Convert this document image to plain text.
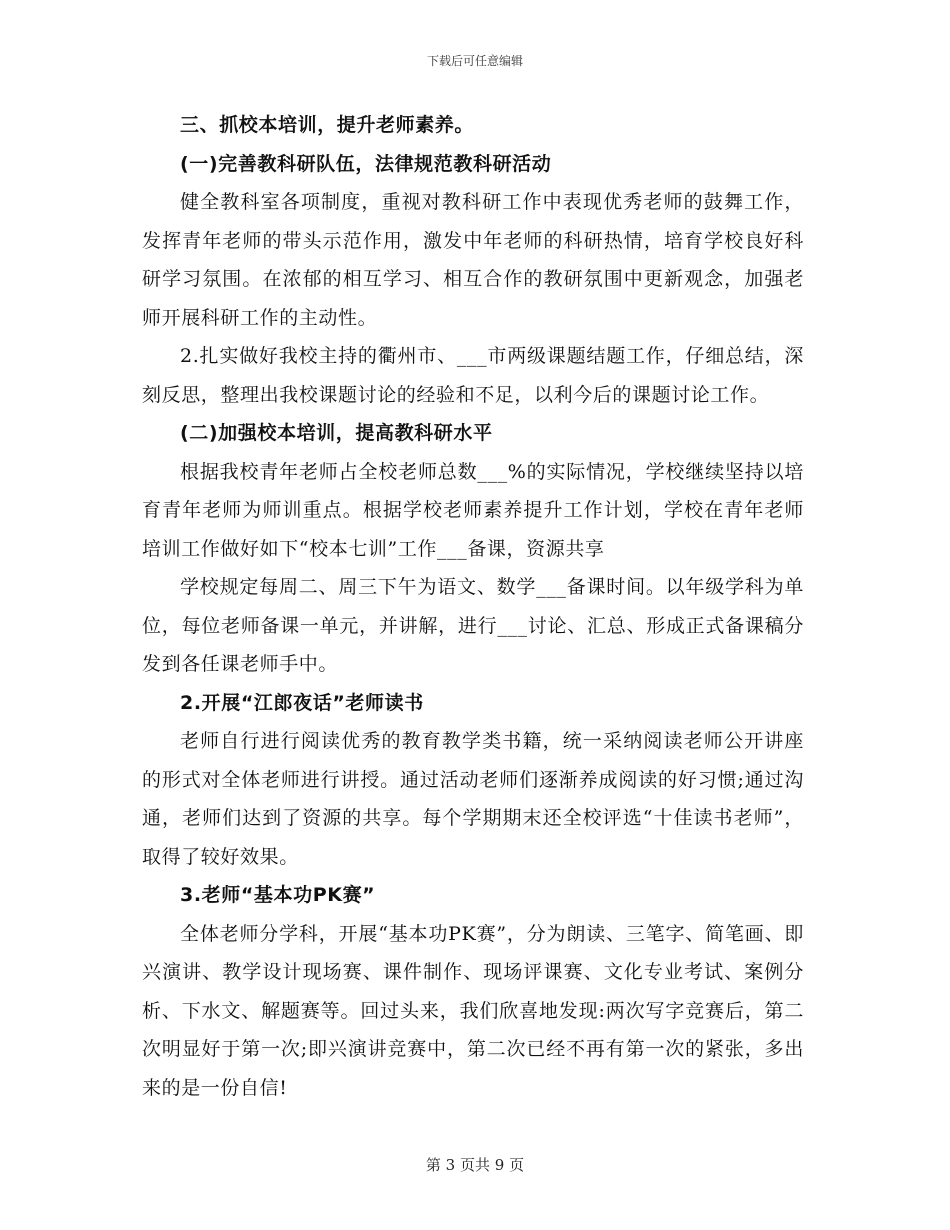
下载后可任意编辑

三、抓校本培训，提升老师素养。

(一)完善教科研队伍，法律规范教科研活动

健全教科室各项制度，重视对教科研工作中表现优秀老师的鼓舞工作，发挥青年老师的带头示范作用，激发中年老师的科研热情，培育学校良好科研学习氛围。在浓郁的相互学习、相互合作的教研氛围中更新观念，加强老师开展科研工作的主动性。

2.扎实做好我校主持的衢州市、___市两级课题结题工作，仔细总结，深刻反思，整理出我校课题讨论的经验和不足，以利今后的课题讨论工作。

(二)加强校本培训，提高教科研水平

根据我校青年老师占全校老师总数___%的实际情况，学校继续坚持以培育青年老师为师训重点。根据学校老师素养提升工作计划，学校在青年老师培训工作做好如下“校本七训”工作___备课，资源共享

学校规定每周二、周三下午为语文、数学___备课时间。以年级学科为单位，每位老师备课一单元，并讲解，进行___讨论、汇总、形成正式备课稿分发到各任课老师手中。

2.开展“江郎夜话”老师读书

老师自行进行阅读优秀的教育教学类书籍，统一采纳阅读老师公开讲座的形式对全体老师进行讲授。通过活动老师们逐渐养成阅读的好习惯;通过沟通，老师们达到了资源的共享。每个学期期末还全校评选“十佳读书老师”，取得了较好效果。

3.老师“基本功PK赛”

全体老师分学科，开展“基本功PK赛”，分为朗读、三笔字、简笔画、即兴演讲、教学设计现场赛、课件制作、现场评课赛、文化专业考试、案例分析、下水文、解题赛等。回过头来，我们欣喜地发现:两次写字竞赛后，第二次明显好于第一次;即兴演讲竞赛中，第二次已经不再有第一次的紧张，多出来的是一份自信!

第 3 页共 9 页
